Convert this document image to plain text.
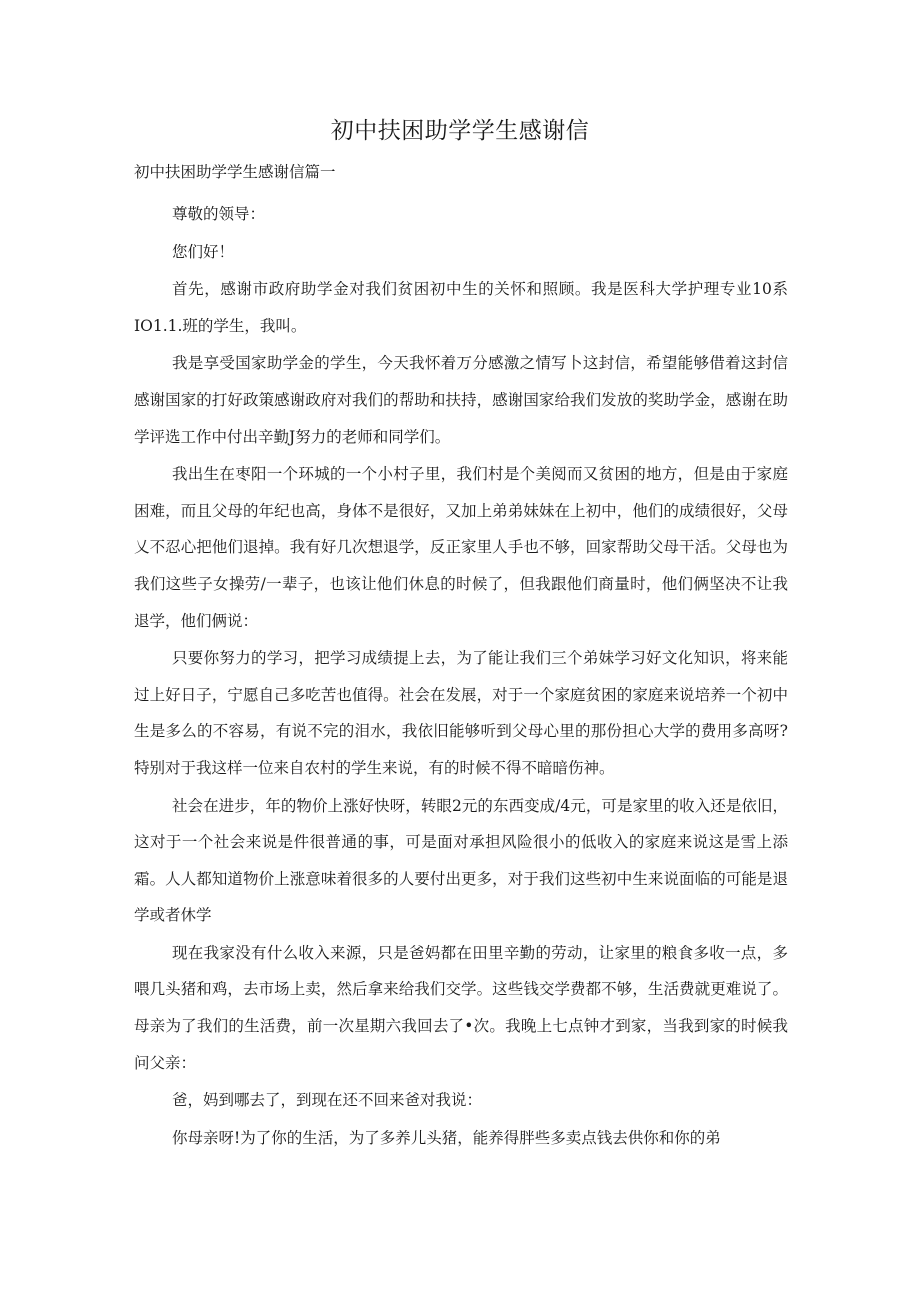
初中扶困助学学生感谢信

初中扶困助学学生感谢信篇一

尊敬的领导：

您们好！

首先，感谢市政府助学金对我们贫困初中生的关怀和照顾。我是医科大学护理专业10系IO1.1.班的学生，我叫。

我是享受国家助学金的学生，今天我怀着万分感激之情写卜这封信，希望能够借着这封信感谢国家的打好政策感谢政府对我们的帮助和扶持，感谢国家给我们发放的奖助学金，感谢在助学评选工作中付出辛勤J努力的老师和同学们。

我出生在枣阳一个环城的一个小村子里，我们村是个美阅而又贫困的地方，但是由于家庭困难，而且父母的年纪也高，身体不是很好，又加上弟弟妹妹在上初中，他们的成绩很好，父母乂不忍心把他们退掉。我有好几次想退学，反正家里人手也不够，回家帮助父母干活。父母也为我们这些子女操劳/一辈子，也该让他们休息的时候了，但我跟他们商量时，他们俩坚决不让我退学，他们俩说：

只要你努力的学习，把学习成绩提上去，为了能让我们三个弟妹学习好文化知识，将来能过上好日子，宁愿自己多吃苦也值得。社会在发展，对于一个家庭贫困的家庭来说培养一个初中生是多么的不容易，有说不完的泪水，我依旧能够听到父母心里的那份担心大学的费用多高呀?特别对于我这样一位来自农村的学生来说，有的时候不得不暗暗伤神。

社会在进步，年的物价上涨好快呀，转眼2元的东西变成/4元，可是家里的收入还是依旧，这对于一个社会来说是件很普通的事，可是面对承担风险很小的低收入的家庭来说这是雪上添霜。人人都知道物价上涨意味着很多的人要付出更多，对于我们这些初中生来说面临的可能是退学或者休学

现在我家没有什么收入来源，只是爸妈都在田里辛勤的劳动，让家里的粮食多收一点，多喂几头猪和鸡，去市场上卖，然后拿来给我们交学。这些钱交学费都不够，生活费就更难说了。母亲为了我们的生活费，前一次星期六我回去了•次。我晚上七点钟才到家，当我到家的时候我问父亲：

爸，妈到哪去了，到现在还不回来爸对我说：

你母亲呀!为了你的生活，为了多养儿头猪，能养得胖些多卖点钱去供你和你的弟
